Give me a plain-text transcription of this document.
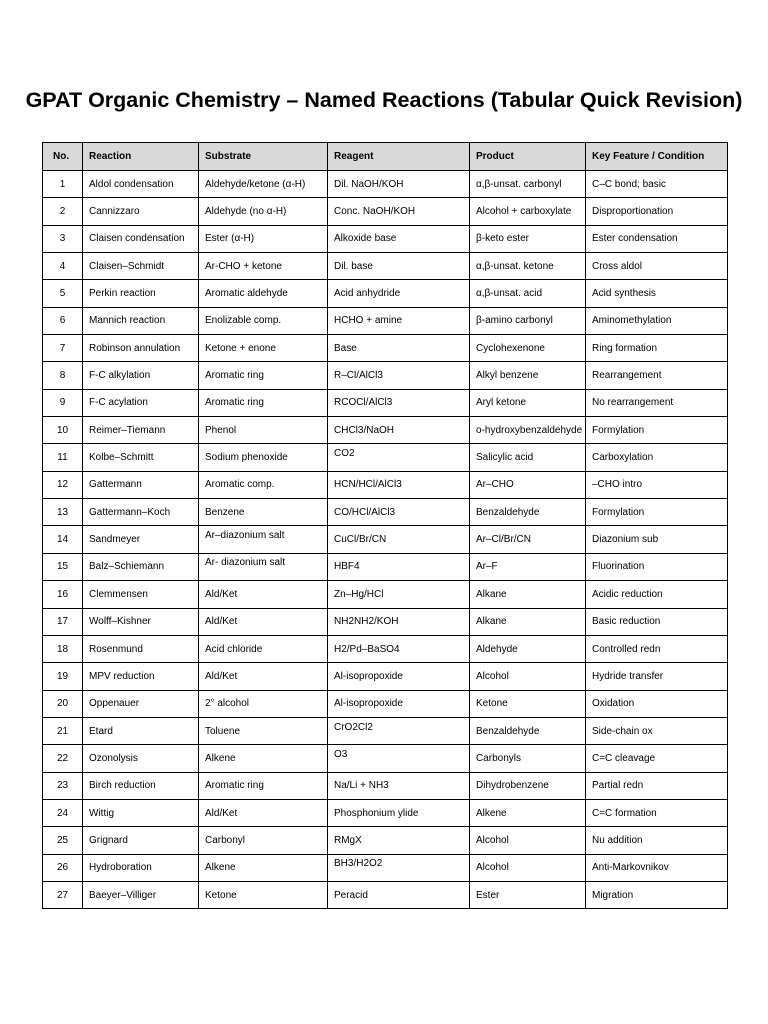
GPAT Organic Chemistry – Named Reactions (Tabular Quick Revision)
No.	Reaction	Substrate	Reagent	Product	Key Feature / Condition
1	Aldol condensation	Aldehyde/ketone (α-H)	Dil. NaOH/KOH	α,β-unsat. carbonyl	C–C bond; basic
2	Cannizzaro	Aldehyde (no α-H)	Conc. NaOH/KOH	Alcohol + carboxylate	Disproportionation
3	Claisen condensation	Ester (α-H)	Alkoxide base	β-keto ester	Ester condensation
4	Claisen–Schmidt	Ar-CHO + ketone	Dil. base	α,β-unsat. ketone	Cross aldol
5	Perkin reaction	Aromatic aldehyde	Acid anhydride	α,β-unsat. acid	Acid synthesis
6	Mannich reaction	Enolizable comp.	HCHO + amine	β-amino carbonyl	Aminomethylation
7	Robinson annulation	Ketone + enone	Base	Cyclohexenone	Ring formation
8	F-C alkylation	Aromatic ring	R–Cl/AlCl3	Alkyl benzene	Rearrangement
9	F-C acylation	Aromatic ring	RCOCl/AlCl3	Aryl ketone	No rearrangement
10	Reimer–Tiemann	Phenol	CHCl3/NaOH	o-hydroxybenzaldehyde	Formylation
11	Kolbe–Schmitt	Sodium phenoxide	CO2	Salicylic acid	Carboxylation
12	Gattermann	Aromatic comp.	HCN/HCl/AlCl3	Ar–CHO	–CHO intro
13	Gattermann–Koch	Benzene	CO/HCl/AlCl3	Benzaldehyde	Formylation
14	Sandmeyer	Ar–diazonium salt	CuCl/Br/CN	Ar–Cl/Br/CN	Diazonium sub
15	Balz–Schiemann	Ar- diazonium salt	HBF4	Ar–F	Fluorination
16	Clemmensen	Ald/Ket	Zn–Hg/HCl	Alkane	Acidic reduction
17	Wolff–Kishner	Ald/Ket	NH2NH2/KOH	Alkane	Basic reduction
18	Rosenmund	Acid chloride	H2/Pd–BaSO4	Aldehyde	Controlled redn
19	MPV reduction	Ald/Ket	Al-isopropoxide	Alcohol	Hydride transfer
20	Oppenauer	2° alcohol	Al-isopropoxide	Ketone	Oxidation
21	Etard	Toluene	CrO2Cl2	Benzaldehyde	Side-chain ox
22	Ozonolysis	Alkene	O3	Carbonyls	C=C cleavage
23	Birch reduction	Aromatic ring	Na/Li + NH3	Dihydrobenzene	Partial redn
24	Wittig	Ald/Ket	Phosphonium ylide	Alkene	C=C formation
25	Grignard	Carbonyl	RMgX	Alcohol	Nu addition
26	Hydroboration	Alkene	BH3/H2O2	Alcohol	Anti-Markovnikov
27	Baeyer–Villiger	Ketone	Peracid	Ester	Migration
